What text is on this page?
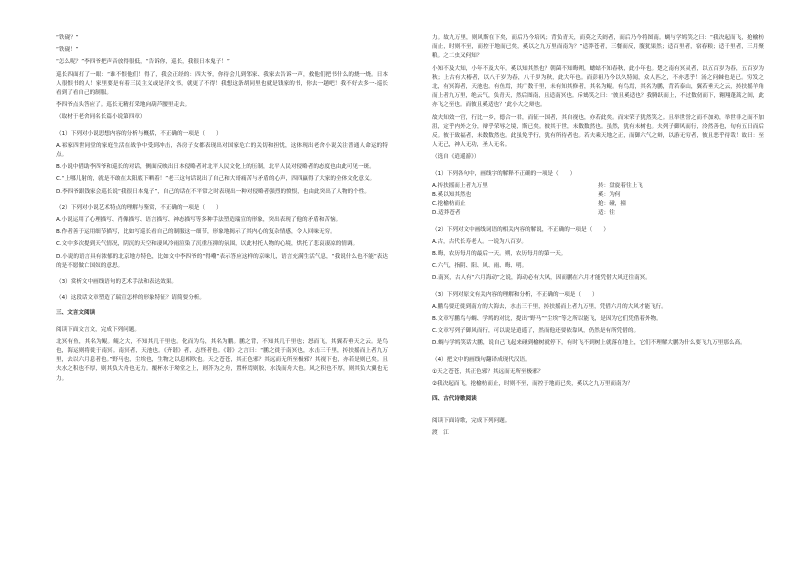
“铁砚？”

“铁砚！”

“怎么呢？”李四爷把声音放得很低，“告诉你，巡长，我很日本鬼子！”

巡长四面打了一眼：“谁不恨他们！得了，我会正经的：四大爷，你待会儿到邻家、我家去告诉一声，救他们把书什么的烧一烧。日本人很恨书的人！家里要是有着三民主义或是洋文书，就更了不得！我想这条胡同里也就是钱家的书，你去一趟吧！我不好去多一-巡长看到了看自己的制服。

李四爷点头答应了。巡长无精打采地向葫芦腰里走去。

（取材于老舍同名长篇小说第四章）

（1）下列对小说思想内容的分析与概括，不正确的一项是（　　）

A.祁家四世同堂的家庭生活在战争中受到冲击，各房子女都表现出对国家危亡的关切和担忧，这体现出老舍小说关注普通人命运的特点。

B.小说中借助李四爷和巡长的对话，侧面反映出日本侵略者对北平人民文化上的压制，北平人民对侵略者的态度也由此可见一斑。

C.“上哪儿射的，就是不敢在太阳底下晒着！”老三这句话说出了自己和大哥痛苦与矛盾的心声，四四赢得了大家的全体文化意义。

D.李四爷跟钱家会巡长说“我很日本鬼子”，自己的话在不平常之时表现出一种对侵略者强烈的愤恨，也由此突出了人物的个性。

（2）下列对小说艺术特点的理解与鉴赏，不正确的一项是（　　）

A.小说运用了心理描写、肖像描写、语言描写、神态描写等多种手法塑造瑞宣的形象，突出表现了他的矛盾和苦恼。

B.作者善于运用细节描写，比如写巡长看自己的制服这一细节，形象地揭示了其内心的复杂情感，令人回味无穷。

C.文中多次提到天气情况，阴沉的天空和凄风冷雨渲染了沉重压抑的氛围，以此衬托人物的心境，烘托了悲哀凄凉的情调。

D.小说的语言具有浓郁的北京地方特色，比如文中李四爷的“得嘞”表示答应这样的京味儿，语言充满生活气息，“我说什么也不能”表达的是不愿做亡国奴的意思。

（3）赏析文中画线语句的艺术手法和表达效果。

（4）这段话文章塑造了瑞宣怎样的形象特征？请简要分析。

三、文言文阅读

阅读下面文言文，完成下列问题。

北冥有鱼，其名为鲲。鲲之大，不知其几千里也。化而为鸟，其名为鹏。鹏之背，不知其几千里也；怒而飞，其翼若垂天之云。是鸟也，海运则将徙于南冥。南冥者，天池也。《齐谐》者，志怪者也。《谐》之言曰：“鹏之徙于南冥也，水击三千里，抟扶摇而上者九万里，去以六月息者也。”野马也，尘埃也，生物之以息相吹也。天之苍苍，其正色邪？其远而无所至极邪？其视下也，亦若是则已矣。且夫水之积也不厚，则其负大舟也无力。覆杯水于坳堂之上，则芥为之舟，置杯焉则胶，水浅而舟大也。风之积也不厚，则其负大翼也无力。

力。故九万里，则风斯在下矣，而后乃今培风；背负青天，而莫之夭阏者，而后乃今将图南。蜩与学鸠笑之曰：“我决起而飞，抢榆枋而止，时则不至，而控于地而已矣，奚以之九万里而南为？”适莽苍者，三餐而反，腹犹果然；适百里者，宿舂粮；适千里者，三月聚粮。之二虫又何知？

小知不及大知，小年不及大年。奚以知其然也？朝菌不知晦朔，蟪蛄不知春秋，此小年也。楚之南有冥灵者，以五百岁为春，五百岁为秋；上古有大椿者，以八千岁为春，八千岁为秋，此大年也。而彭祖乃今以久特闻，众人匹之，不亦悲乎！汤之问棘也是已。穷发之北，有冥海者，天池也。有鱼焉，其广数千里，未有知其修者，其名为鲲。有鸟焉，其名为鹏，背若泰山，翼若垂天之云，抟扶摇羊角而上者九万里，绝云气，负青天，然后图南，且适南冥也。斥鴳笑之曰：‘彼且奚适也？我腾跃而上，不过数仞而下，翱翔蓬蒿之间，此亦飞之至也。而彼且奚适也？’此小大之辩也。

故夫知效一官，行比一乡，德合一君，而征一国者，其自视也，亦若此矣。而宋荣子犹然笑之。且举世誉之而不加劝，举世非之而不加沮，定乎内外之分，辩乎荣辱之境，斯已矣。彼其于世，未数数然也。虽然，犹有未树也。夫列子御风而行，泠然善也，旬有五日而后反。彼于致福者，未数数然也。此虽免乎行，犹有所待者也。若夫乘天地之正，而御六气之辩，以游无穷者，彼且恶乎待哉！故曰：至人无己，神人无功，圣人无名。

（选自《逍遥游》）

（1）下列各句中，画线字的解释不正确的一项是（　　）

A.抟扶摇而上者九万里	抟：盘旋着往上飞
B.奚以知其然也	奚：为何
C.抢榆枋而止	抢：碰，撞
D.适莽苍者	适：往

（2）下列对文中画线词语的相关内容的解说，不正确的一项是（　　）

A.古，古代长寿老人。一说为八百岁。

B.晦，农历每月的最后一天。朔，农历每月的第一天。

C.六气，指阴、阳、风、雨、晦、明。

D.南冥，古人有“六月海动”之说，海动必有大风，因而鹏在六月才能凭借大风迁往南冥。

（3）下列对原文有关内容的理解和分析，不正确的一项是（　　）

A.鹏鸟要迁徙到南方的大海去，水击三千里，抟扶摇而上者九万里，凭借六月的大风才能飞行。

B.文章写鹏鸟与蜩、学鸠的对比，提出“野马”“尘埃”等之所以能飞，是因为它们凭借着外物。

C.文章写列子御风而行，可以说是逍遥了，然而他还要依靠风，仍然是有所凭借的。

D.蜩与学鸠笑话大鹏，说自己飞起来碰到榆树就停下，有时飞不到树上就落在地上，它们不理解大鹏为什么要飞九万里那么高。

（4）把文中的画线句翻译成现代汉语。

①天之苍苍，其正色邪？其远而无所至极邪？

②我决起而飞，抢榆枋而止，时则不至，而控于地而已矣，奚以之九万里而南为？

四、古代诗歌阅读

阅读下面诗歌，完成下列问题。

渡　江
